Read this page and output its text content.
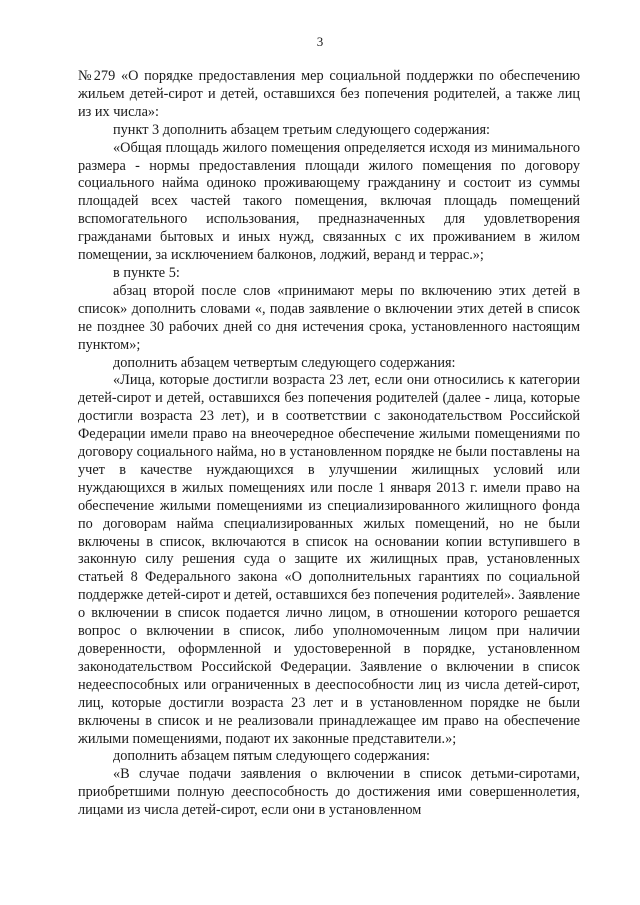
3

№279 «О порядке предоставления мер социальной поддержки по обеспечению жильем детей-сирот и детей, оставшихся без попечения родителей, а также лиц из их числа»:

пункт 3 дополнить абзацем третьим следующего содержания:

«Общая площадь жилого помещения определяется исходя из минимального размера - нормы предоставления площади жилого помещения по договору социального найма одиноко проживающему гражданину и состоит из суммы площадей всех частей такого помещения, включая площадь помещений вспомогательного использования, предназначенных для удовлетворения гражданами бытовых и иных нужд, связанных с их проживанием в жилом помещении, за исключением балконов, лоджий, веранд и террас.»;

в пункте 5:

абзац второй после слов «принимают меры по включению этих детей в список» дополнить словами «, подав заявление о включении этих детей в список не позднее 30 рабочих дней со дня истечения срока, установленного настоящим пунктом»;

дополнить абзацем четвертым следующего содержания:

«Лица, которые достигли возраста 23 лет, если они относились к категории детей-сирот и детей, оставшихся без попечения родителей (далее - лица, которые достигли возраста 23 лет), и в соответствии с законодательством Российской Федерации имели право на внеочередное обеспечение жилыми помещениями по договору социального найма, но в установленном порядке не были поставлены на учет в качестве нуждающихся в улучшении жилищных условий или нуждающихся в жилых помещениях или после 1 января 2013 г. имели право на обеспечение жилыми помещениями из специализированного жилищного фонда по договорам найма специализированных жилых помещений, но не были включены в список, включаются в список на основании копии вступившего в законную силу решения суда о защите их жилищных прав, установленных статьей 8 Федерального закона «О дополнительных гарантиях по социальной поддержке детей-сирот и детей, оставшихся без попечения родителей». Заявление о включении в список подается лично лицом, в отношении которого решается вопрос о включении в список, либо уполномоченным лицом при наличии доверенности, оформленной и удостоверенной в порядке, установленном законодательством Российской Федерации. Заявление о включении в список недееспособных или ограниченных в дееспособности лиц из числа детей-сирот, лиц, которые достигли возраста 23 лет и в установленном порядке не были включены в список и не реализовали принадлежащее им право на обеспечение жилыми помещениями, подают их законные представители.»;

дополнить абзацем пятым следующего содержания:

«В случае подачи заявления о включении в список детьми-сиротами, приобретшими полную дееспособность до достижения ими совершеннолетия, лицами из числа детей-сирот, если они в установленном
